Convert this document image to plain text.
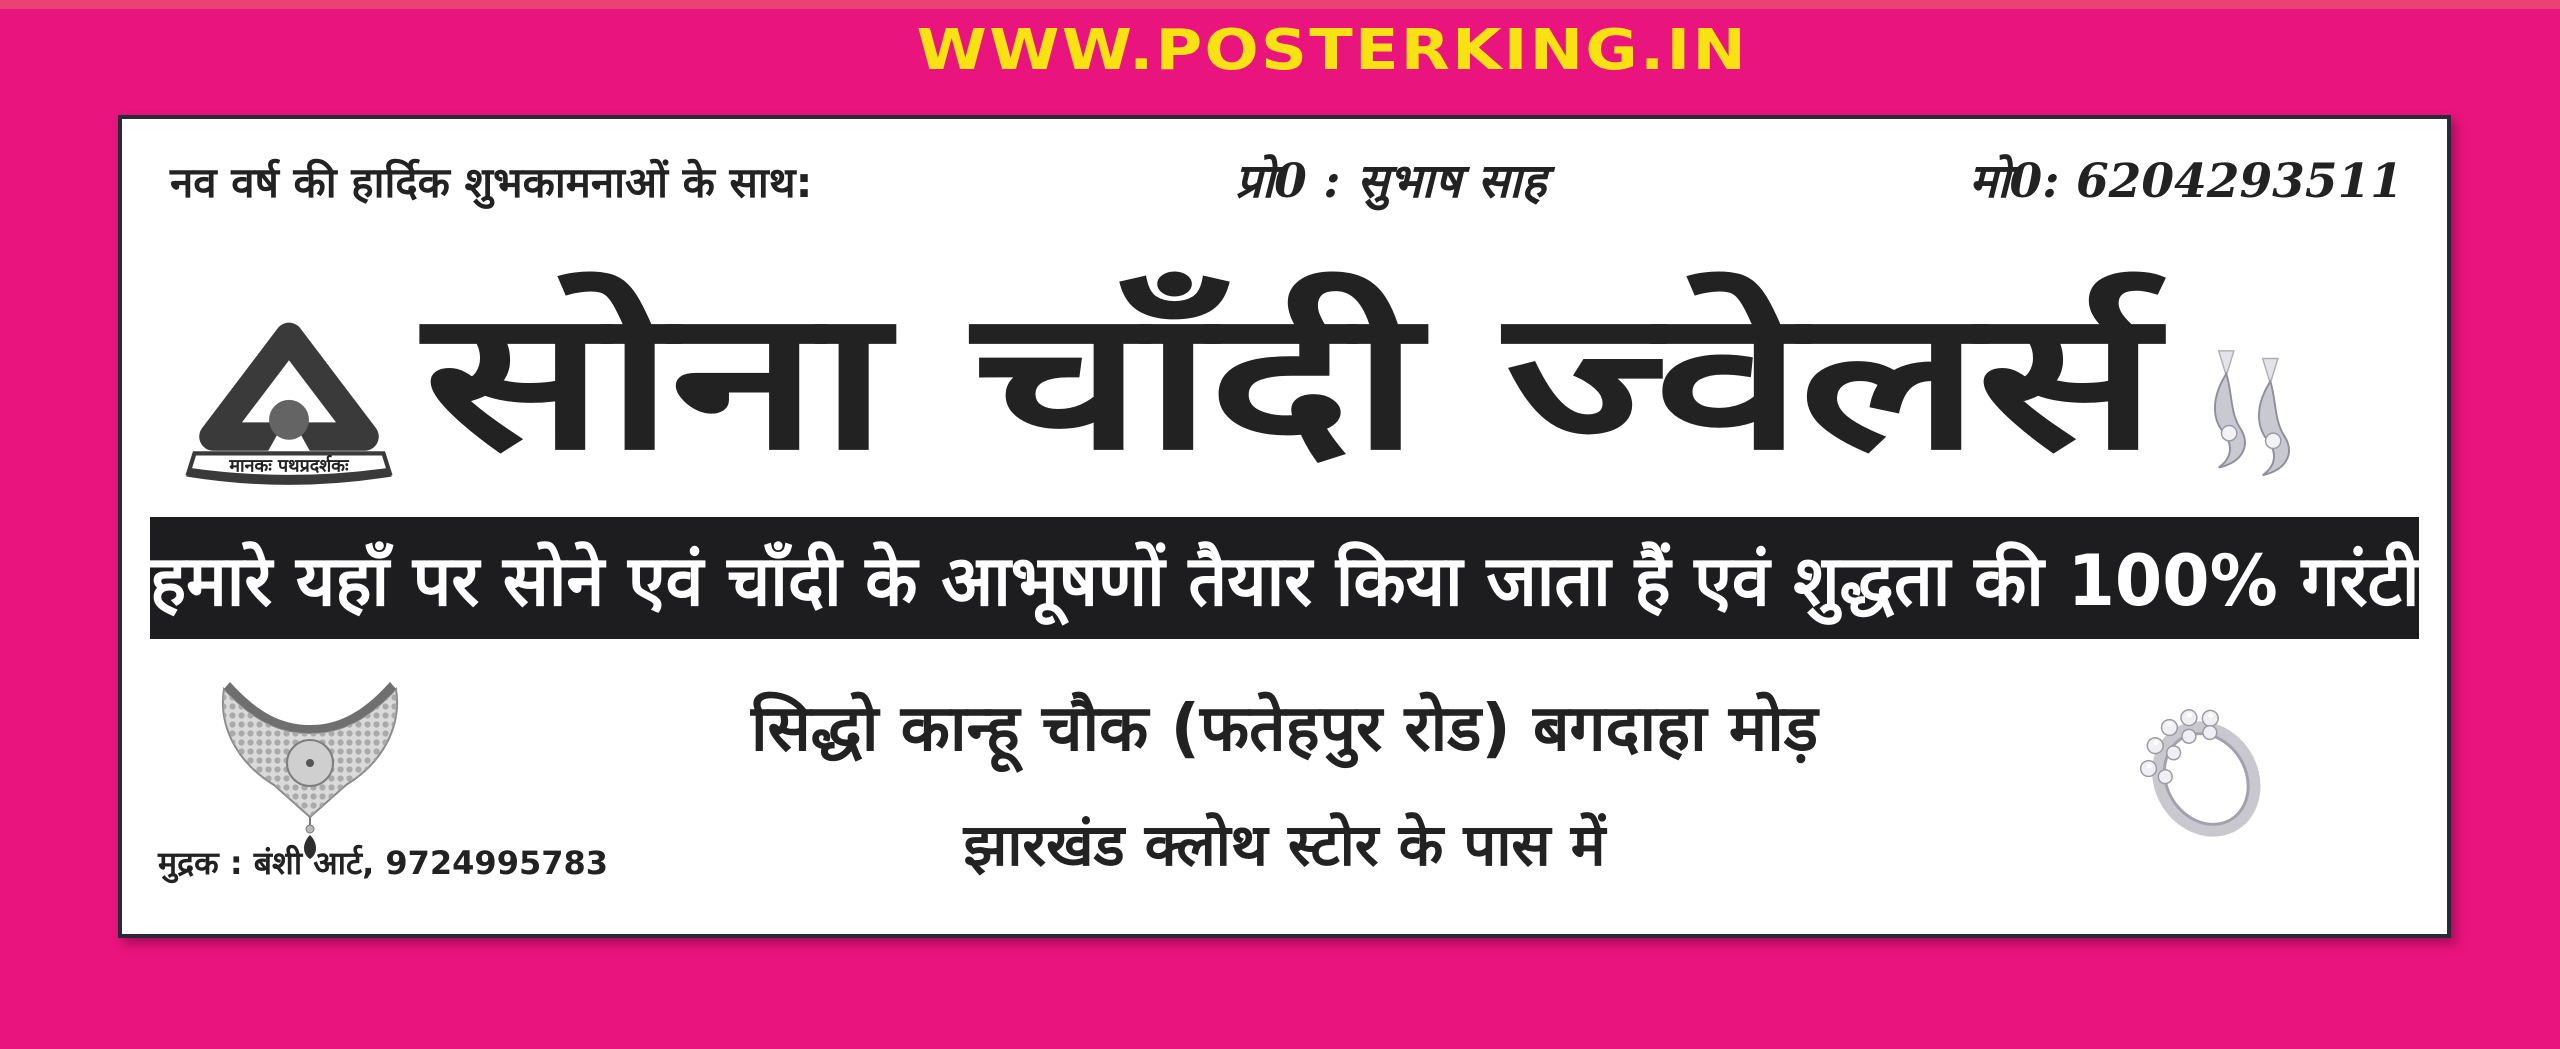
WWW.POSTERKING.IN
नव वर्ष की हार्दिक शुभकामनाओं के साथ:	प्रो0 : सुभाष साह	मो0: 6204293511
मानकः पथप्रदर्शकः सोना चाँदी ज्वेलर्स
हमारे यहाँ पर सोने एवं चाँदी के आभूषणों तैयार किया जाता हैं एवं शुद्धता की 100% गरंटी
सिद्धो कान्हू चौक (फतेहपुर रोड) बगदाहा मोड़
झारखंड क्लोथ स्टोर के पास में
मुद्रक : बंशी आर्ट, 9724995783
